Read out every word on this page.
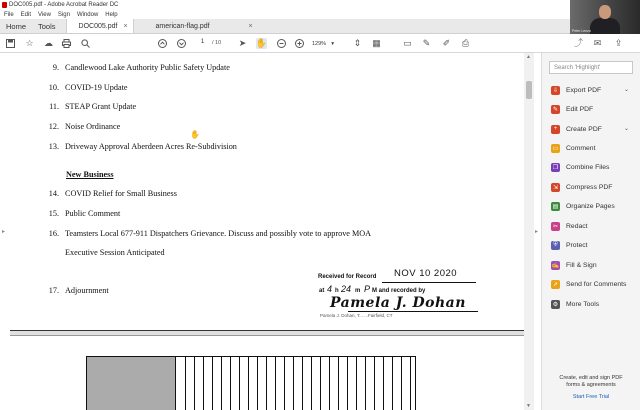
DOC005.pdf - Adobe Acrobat Reader DC
File Edit View Sign Window Help
Home	Tools	DOC005.pdf ×	american-flag.pdf	×
Peter Lenzo
☆ ☁	1	/ 10 ➤ ✋	129% ▾ ⇕ ▦ ▭ ✎ ✐ ⎙	⤴ ✉ ⇪
▸
9. Candlewood Lake Authority Public Safety Update
10. COVID-19 Update
11. STEAP Grant Update
12. Noise Ordinance
13. Driveway Approval Aberdeen Acres Re-Subdivision
✋
New Business
14. COVID Relief for Small Business
15. Public Comment
16. Teamsters Local 677-911 Dispatchers Grievance. Discuss and possibly vote to approve MOA
Executive Session Anticipated
Received for Record NOV 10 2020
at 4 h 24 m P M and recorded by
Pamela J. Dohan
Pamela J. Dohan, T... ...Fairfield, CT
17. Adjournment
▲
▼
▸
Search 'Highlight'
⇩ Export PDF	⌄
✎ Edit PDF
+	Create PDF	⌄
▭ Comment
❐ Combine Files
⇲ Compress PDF
▤ Organize Pages
✂ Redact
⛨	Protect
✍ Fill & Sign
➚ Send for Comments
⚙ More Tools
Create, edit and sign PDF
forms & agreements
Start Free Trial
